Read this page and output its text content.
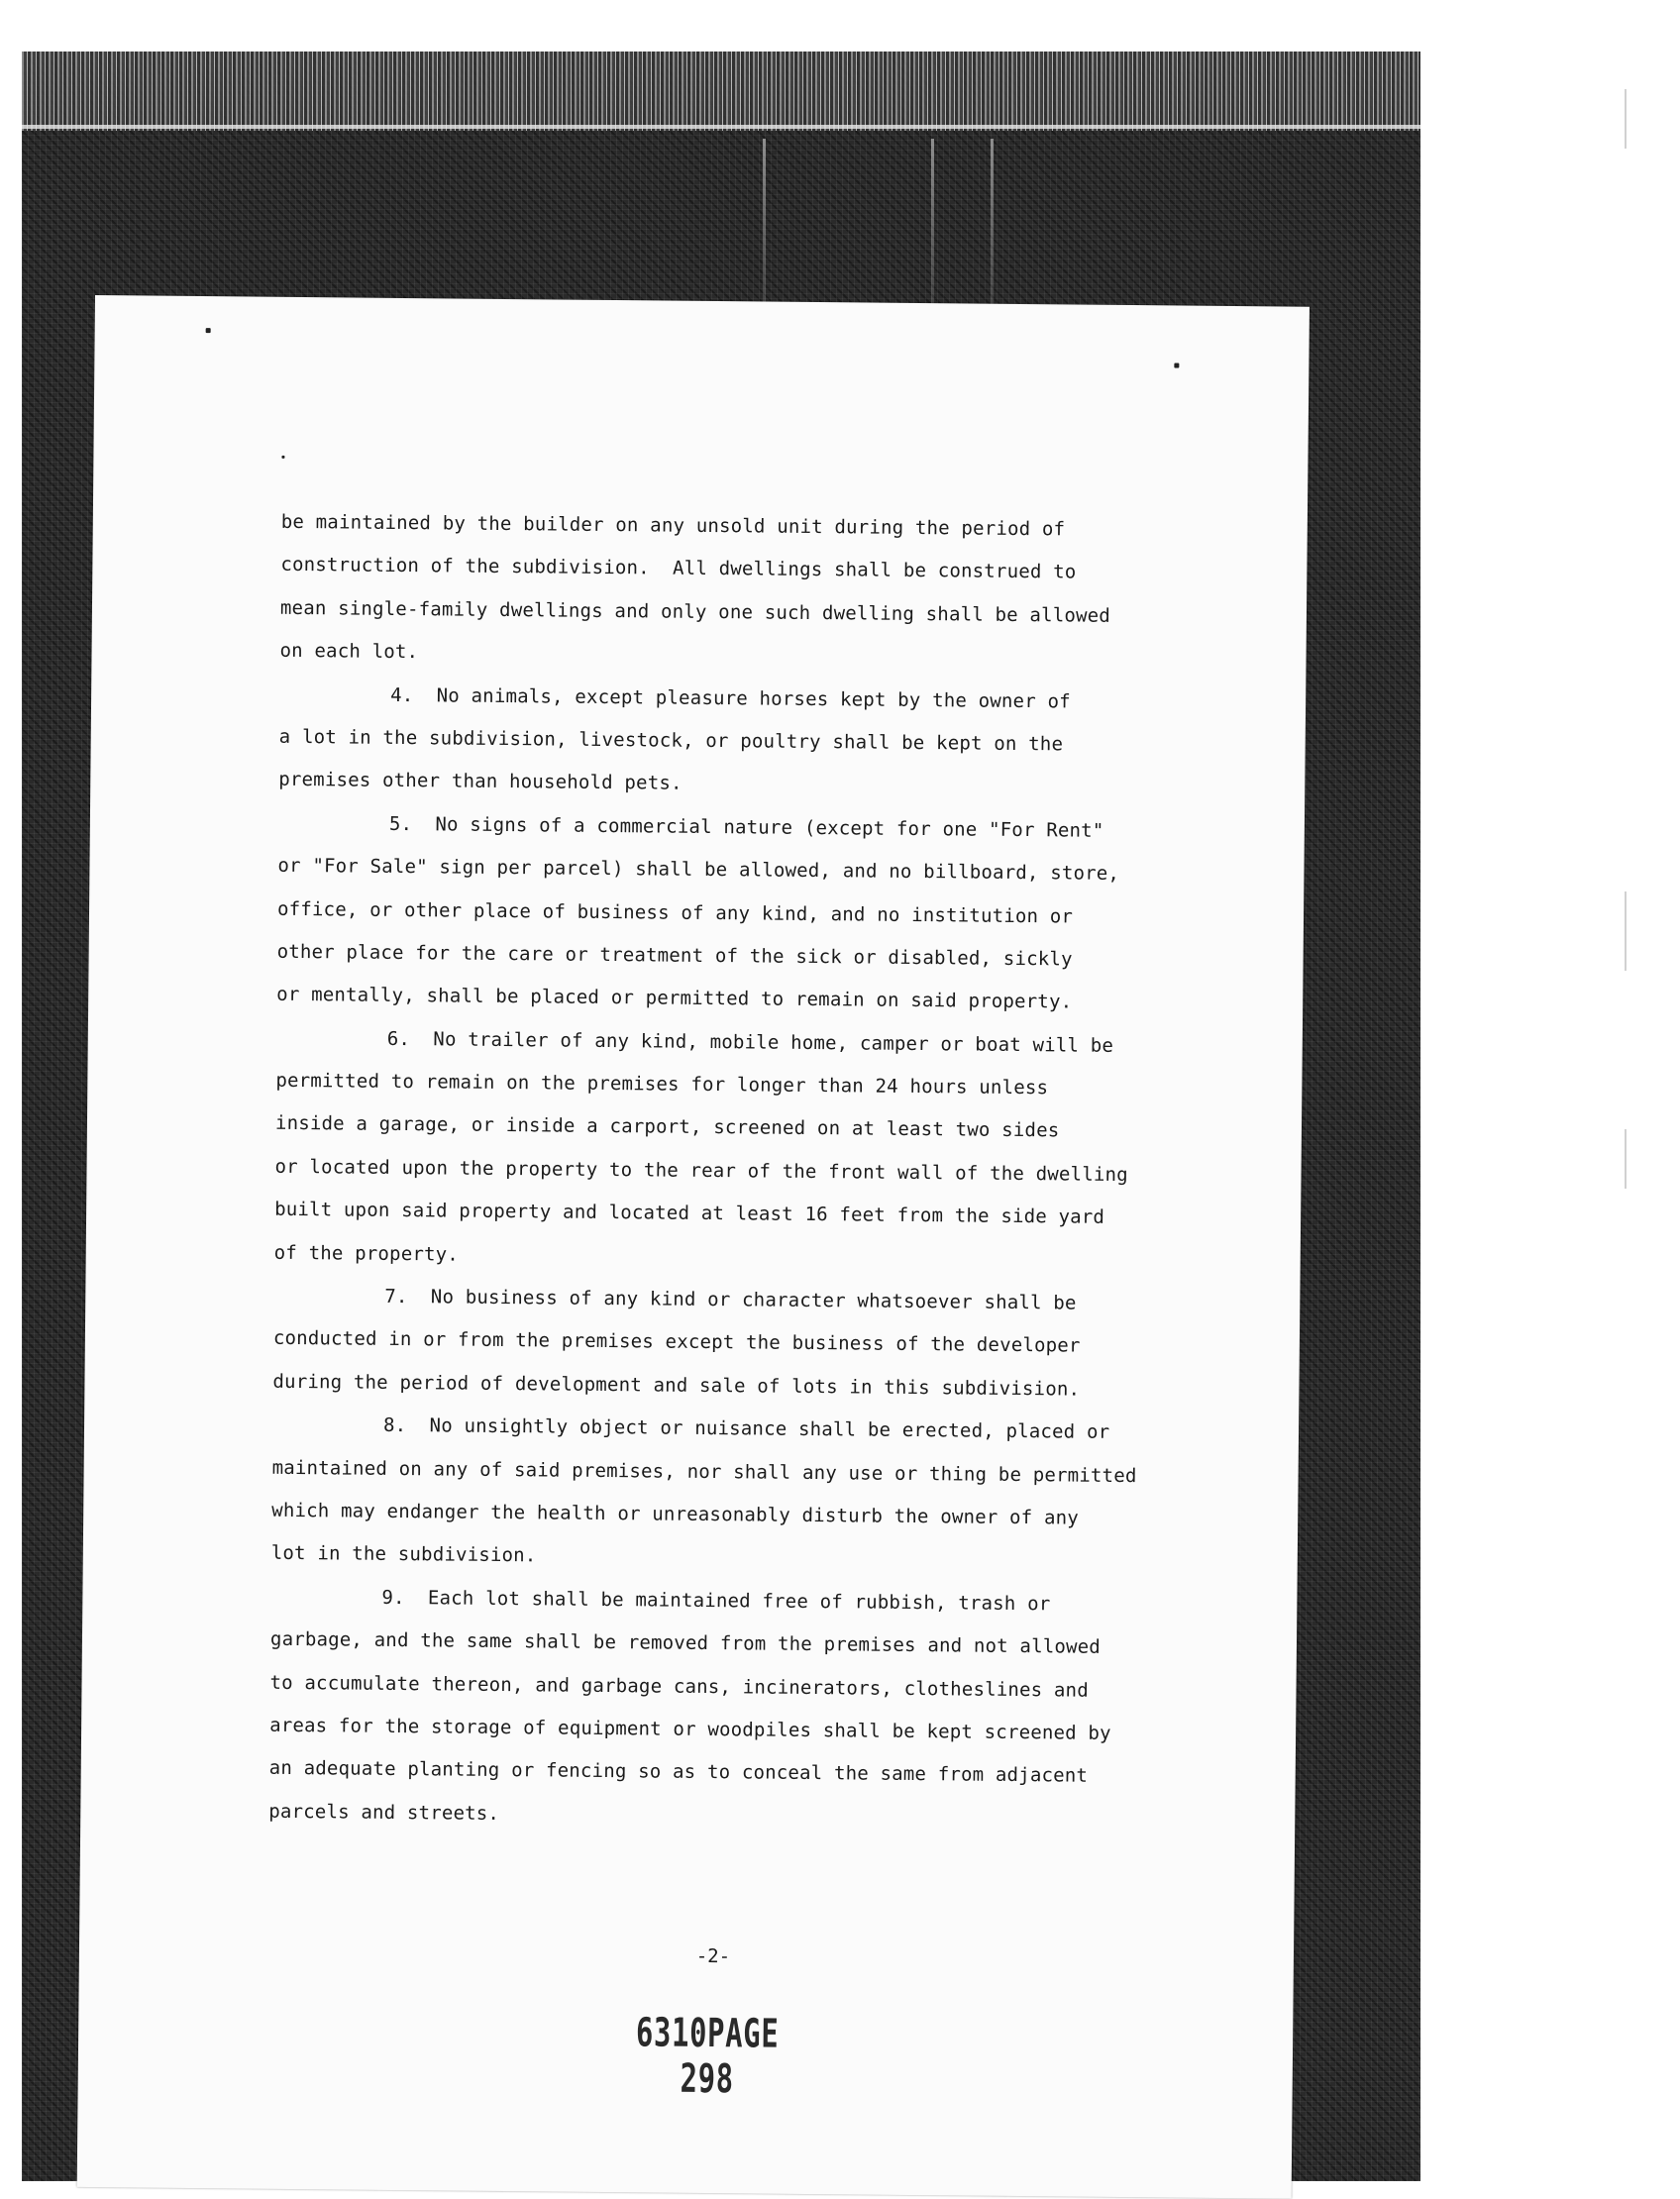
be maintained by the builder on any unsold unit during the period of
construction of the subdivision.  All dwellings shall be construed to
mean single-family dwellings and only one such dwelling shall be allowed
on each lot.
4.  No animals, except pleasure horses kept by the owner of
a lot in the subdivision, livestock, or poultry shall be kept on the
premises other than household pets.
5.  No signs of a commercial nature (except for one "For Rent"
or "For Sale" sign per parcel) shall be allowed, and no billboard, store,
office, or other place of business of any kind, and no institution or
other place for the care or treatment of the sick or disabled, sickly
or mentally, shall be placed or permitted to remain on said property.
6.  No trailer of any kind, mobile home, camper or boat will be
permitted to remain on the premises for longer than 24 hours unless
inside a garage, or inside a carport, screened on at least two sides
or located upon the property to the rear of the front wall of the dwelling
built upon said property and located at least 16 feet from the side yard
of the property.
7.  No business of any kind or character whatsoever shall be
conducted in or from the premises except the business of the developer
during the period of development and sale of lots in this subdivision.
8.  No unsightly object or nuisance shall be erected, placed or
maintained on any of said premises, nor shall any use or thing be permitted
which may endanger the health or unreasonably disturb the owner of any
lot in the subdivision.
9.  Each lot shall be maintained free of rubbish, trash or
garbage, and the same shall be removed from the premises and not allowed
to accumulate thereon, and garbage cans, incinerators, clotheslines and
areas for the storage of equipment or woodpiles shall be kept screened by
an adequate planting or fencing so as to conceal the same from adjacent
parcels and streets.
-2-
6310PAGE 298
